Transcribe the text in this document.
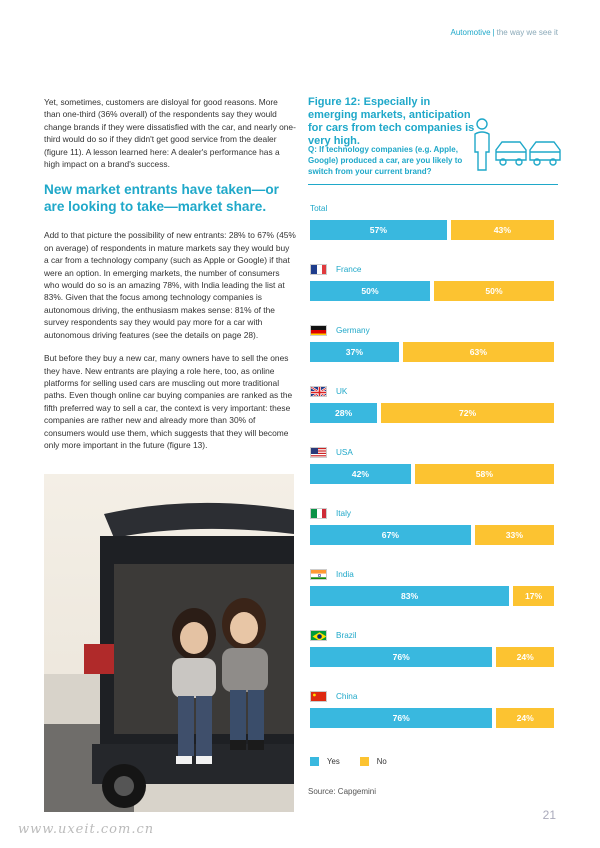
Automotive | the way we see it

Yet, sometimes, customers are disloyal for good reasons. More than one-third (36% overall) of the respondents say they would change brands if they were dissatisfied with the car, and nearly one-third would do so if they didn't get good service from the dealer (figure 11). A lesson learned here: A dealer's performance has a high impact on a brand's success.

New market entrants have taken—or are looking to take—market share.

Add to that picture the possibility of new entrants: 28% to 67% (45% on average) of respondents in mature markets say they would buy a car from a technology company (such as Apple or Google) if that were an option. In emerging markets, the number of consumers who would do so is an amazing 78%, with India leading the list at 83%. Given that the focus among technology companies is autonomous driving, the enthusiasm makes sense: 81% of the survey respondents say they would pay more for a car with autonomous driving features (see the details on page 28).

But before they buy a new car, many owners have to sell the ones they have. New entrants are playing a role here, too, as online platforms for selling used cars are muscling out more traditional paths. Even though online car buying companies are ranked as the fifth preferred way to sell a car, the context is very important: these companies are rather new and already more than 30% of consumers would use them, which suggests that they will become only more important in the future (figure 13).

Figure 12: Especially in emerging markets, anticipation for cars from tech companies is very high.
Q: If technology companies (e.g. Apple, Google) produced a car, are you likely to switch from your current brand?
Total
57%	43%
France
50%	50%
Germany
37%	63%
UK
28%	72%
USA
42%	58%
Italy
67%	33%
India
83%	17%
Brazil
76%	24%
China
76%	24%
Yes	No
Source: Capgemini
21
www.uxeit.com.cn
